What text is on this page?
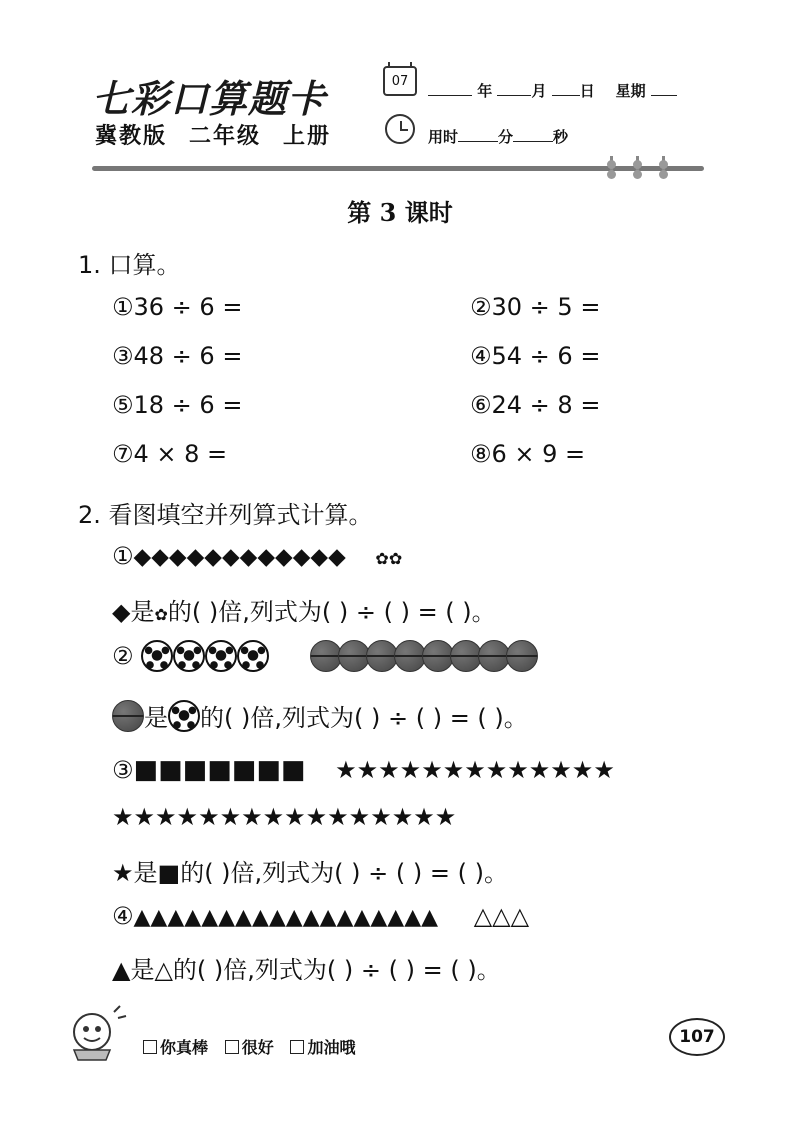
七彩口算题卡
冀教版 二年级 上册
07
年	月 日 星期
用时	分	秒
第 3 课时
1. 口算。
①36 ÷ 6 =	②30 ÷ 5 =
③48 ÷ 6 =	④54 ÷ 6 =
⑤18 ÷ 6 =	⑥24 ÷ 8 =
⑦4 × 8 =	⑧6 × 9 =
2. 看图填空并列算式计算。
①◆◆◆◆◆◆◆◆◆◆◆◆ ✿✿
◆是✿的( )倍,列式为( ) ÷ ( ) = ( )。
②
是 的( )倍,列式为( ) ÷ ( ) = ( )。
③■■■■■■■ ★★★★★★★★★★★★★
★★★★★★★★★★★★★★★★
★是■的( )倍,列式为( ) ÷ ( ) = ( )。
④▲▲▲▲▲▲▲▲▲▲▲▲▲▲▲▲▲▲ △△△
▲是△的( )倍,列式为( ) ÷ ( ) = ( )。
你真棒 很好 加油哦
107
